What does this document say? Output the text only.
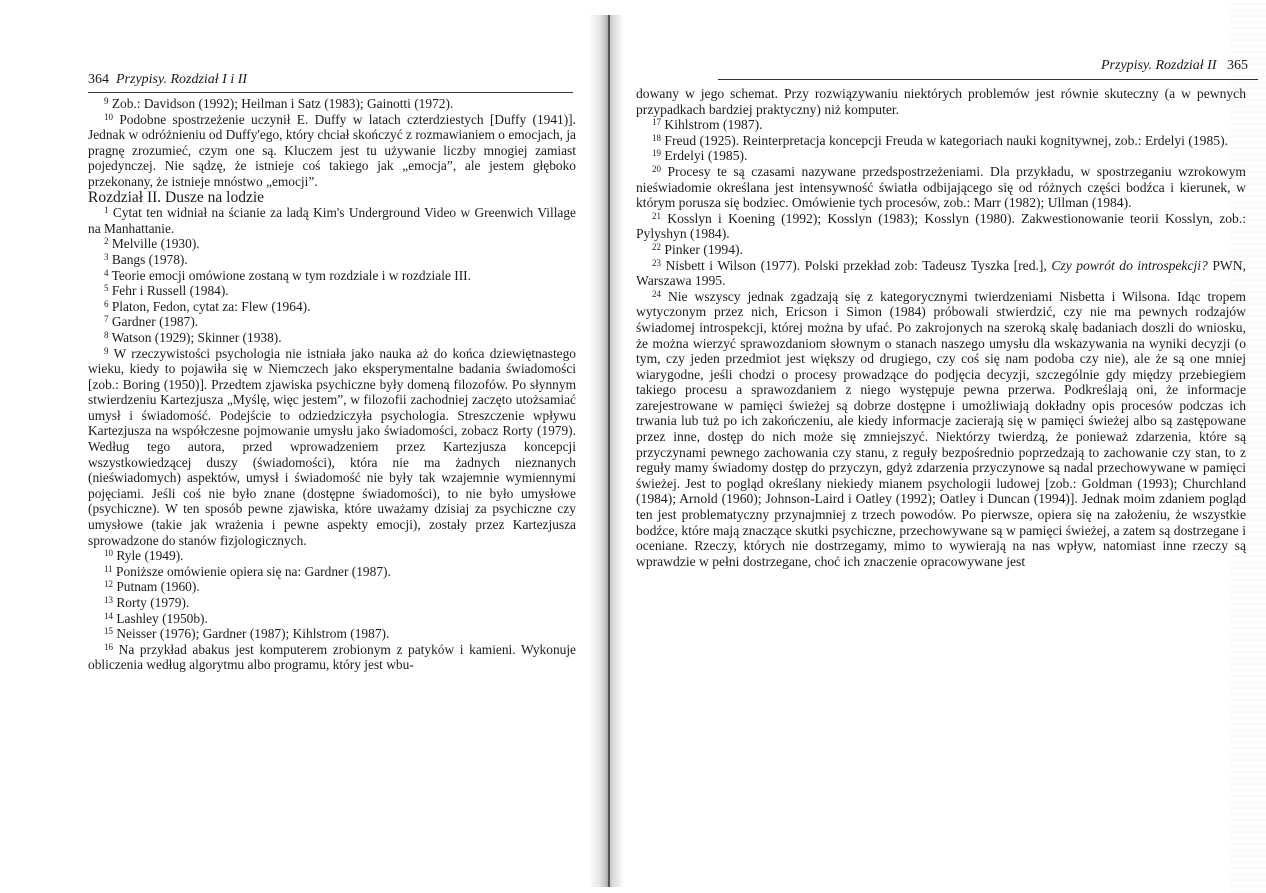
364 Przypisy. Rozdział I i II

$^9$ Zob.: Davidson (1992); Heilman i Satz (1983); Gainotti (1972).

$^{10}$ Podobne spostrzeżenie uczynił E. Duffy w latach czterdziestych [Duffy (1941)]. Jednak w odróżnieniu od Duffy'ego, który chciał skończyć z rozmawianiem o emocjach, ja pragnę zrozumieć, czym one są. Kluczem jest tu używanie liczby mnogiej zamiast pojedynczej. Nie sądzę, że istnieje coś takiego jak „emocja”, ale jestem głęboko przekonany, że istnieje mnóstwo „emocji”.

Rozdział II. Dusze na lodzie

$^1$ Cytat ten widniał na ścianie za ladą Kim's Underground Video w Greenwich Village na Manhattanie.

$^2$ Melville (1930).

$^3$ Bangs (1978).

$^4$ Teorie emocji omówione zostaną w tym rozdziale i w rozdziale III.

$^5$ Fehr i Russell (1984).

$^6$ Platon, Fedon, cytat za: Flew (1964).

$^7$ Gardner (1987).

$^8$ Watson (1929); Skinner (1938).

$^9$ W rzeczywistości psychologia nie istniała jako nauka aż do końca dziewiętnastego wieku, kiedy to pojawiła się w Niemczech jako eksperymentalne badania świadomości [zob.: Boring (1950)]. Przedtem zjawiska psychiczne były domeną filozofów. Po słynnym stwierdzeniu Kartezjusza „Myślę, więc jestem”, w filozofii zachodniej zaczęto utożsamiać umysł i świadomość. Podejście to odziedziczyła psychologia. Streszczenie wpływu Kartezjusza na współczesne pojmowanie umysłu jako świadomości, zobacz Rorty (1979). Według tego autora, przed wprowadzeniem przez Kartezjusza koncepcji wszystkowiedzącej duszy (świadomości), która nie ma żadnych nieznanych (nieświadomych) aspektów, umysł i świadomość nie były tak wzajemnie wymiennymi pojęciami. Jeśli coś nie było znane (dostępne świadomości), to nie było umysłowe (psychiczne). W ten sposób pewne zjawiska, które uważamy dzisiaj za psychiczne czy umysłowe (takie jak wrażenia i pewne aspekty emocji), zostały przez Kartezjusza sprowadzone do stanów fizjologicznych.

$^{10}$ Ryle (1949).

$^{11}$ Poniższe omówienie opiera się na: Gardner (1987).

$^{12}$ Putnam (1960).

$^{13}$ Rorty (1979).

$^{14}$ Lashley (1950b).

$^{15}$ Neisser (1976); Gardner (1987); Kihlstrom (1987).

$^{16}$ Na przykład abakus jest komputerem zrobionym z patyków i kamieni. Wykonuje obliczenia według algorytmu albo programu, który jest wbu-

Przypisy. Rozdział II 365

dowany w jego schemat. Przy rozwiązywaniu niektórych problemów jest równie skuteczny (a w pewnych przypadkach bardziej praktyczny) niż komputer.

$^{17}$ Kihlstrom (1987).

$^{18}$ Freud (1925). Reinterpretacja koncepcji Freuda w kategoriach nauki kognitywnej, zob.: Erdelyi (1985).

$^{19}$ Erdelyi (1985).

$^{20}$ Procesy te są czasami nazywane przedspostrzeżeniami. Dla przykładu, w spostrzeganiu wzrokowym nieświadomie określana jest intensywność światła odbijającego się od różnych części bodźca i kierunek, w którym porusza się bodziec. Omówienie tych procesów, zob.: Marr (1982); Ullman (1984).

$^{21}$ Kosslyn i Koening (1992); Kosslyn (1983); Kosslyn (1980). Zakwestionowanie teorii Kosslyn, zob.: Pylyshyn (1984).

$^{22}$ Pinker (1994).

$^{23}$ Nisbett i Wilson (1977). Polski przekład zob: Tadeusz Tyszka [red.], Czy powrót do introspekcji? PWN, Warszawa 1995.

$^{24}$ Nie wszyscy jednak zgadzają się z kategorycznymi twierdzeniami Nisbetta i Wilsona. Idąc tropem wytyczonym przez nich, Ericson i Simon (1984) próbowali stwierdzić, czy nie ma pewnych rodzajów świadomej introspekcji, której można by ufać. Po zakrojonych na szeroką skalę badaniach doszli do wniosku, że można wierzyć sprawozdaniom słownym o stanach naszego umysłu dla wskazywania na wyniki decyzji (o tym, czy jeden przedmiot jest większy od drugiego, czy coś się nam podoba czy nie), ale że są one mniej wiarygodne, jeśli chodzi o procesy prowadzące do podjęcia decyzji, szczególnie gdy między przebiegiem takiego procesu a sprawozdaniem z niego występuje pewna przerwa. Podkreślają oni, że informacje zarejestrowane w pamięci świeżej są dobrze dostępne i umożliwiają dokładny opis procesów podczas ich trwania lub tuż po ich zakończeniu, ale kiedy informacje zacierają się w pamięci świeżej albo są zastępowane przez inne, dostęp do nich może się zmniejszyć. Niektórzy twierdzą, że ponieważ zdarzenia, które są przyczynami pewnego zachowania czy stanu, z reguły bezpośrednio poprzedzają to zachowanie czy stan, to z reguły mamy świadomy dostęp do przyczyn, gdyż zdarzenia przyczynowe są nadal przechowywane w pamięci świeżej. Jest to pogląd określany niekiedy mianem psychologii ludowej [zob.: Goldman (1993); Churchland (1984); Arnold (1960); Johnson-Laird i Oatley (1992); Oatley i Duncan (1994)]. Jednak moim zdaniem pogląd ten jest problematyczny przynajmniej z trzech powodów. Po pierwsze, opiera się na założeniu, że wszystkie bodźce, które mają znaczące skutki psychiczne, przechowywane są w pamięci świeżej, a zatem są dostrzegane i oceniane. Rzeczy, których nie dostrzegamy, mimo to wywierają na nas wpływ, natomiast inne rzeczy są wprawdzie w pełni dostrzegane, choć ich znaczenie opracowywane jest
